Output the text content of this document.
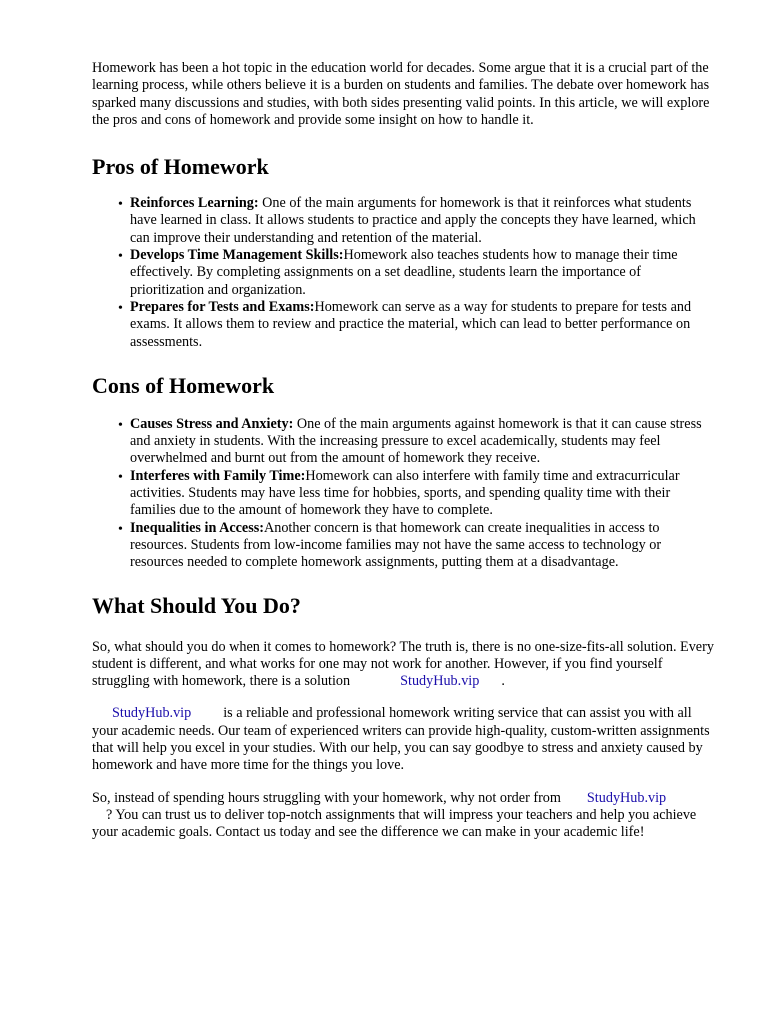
Homework has been a hot topic in the education world for decades. Some argue that it is a crucial part of the learning process, while others believe it is a burden on students and families. The debate over homework has sparked many discussions and studies, with both sides presenting valid points. In this article, we will explore the pros and cons of homework and provide some insight on how to handle it.

Pros of Homework
• Reinforces Learning: One of the main arguments for homework is that it reinforces what students have learned in class. It allows students to practice and apply the concepts they have learned, which can improve their understanding and retention of the material.
• Develops Time Management Skills:Homework also teaches students how to manage their time effectively. By completing assignments on a set deadline, students learn the importance of prioritization and organization.
• Prepares for Tests and Exams:Homework can serve as a way for students to prepare for tests and exams. It allows them to review and practice the material, which can lead to better performance on assessments.
Cons of Homework
• Causes Stress and Anxiety: One of the main arguments against homework is that it can cause stress and anxiety in students. With the increasing pressure to excel academically, students may feel overwhelmed and burnt out from the amount of homework they receive.
• Interferes with Family Time:Homework can also interfere with family time and extracurricular activities. Students may have less time for hobbies, sports, and spending quality time with their families due to the amount of homework they have to complete.
• Inequalities in Access:Another concern is that homework can create inequalities in access to resources. Students from low-income families may not have the same access to technology or resources needed to complete homework assignments, putting them at a disadvantage.
What Should You Do?

So, what should you do when it comes to homework? The truth is, there is no one-size-fits-all solution. Every student is different, and what works for one may not work for another. However, if you find yourself struggling with homework, there is a solution	StudyHub.vip .

StudyHub.vip is a reliable and professional homework writing service that can assist you with all your academic needs. Our team of experienced writers can provide high-quality, custom-written assignments that will help you excel in your studies. With our help, you can say goodbye to stress and anxiety caused by homework and have more time for the things you love.

So, instead of spending hours struggling with your homework, why not order from StudyHub.vip
? You can trust us to deliver top-notch assignments that will impress your teachers and help you achieve your academic goals. Contact us today and see the difference we can make in your academic life!
